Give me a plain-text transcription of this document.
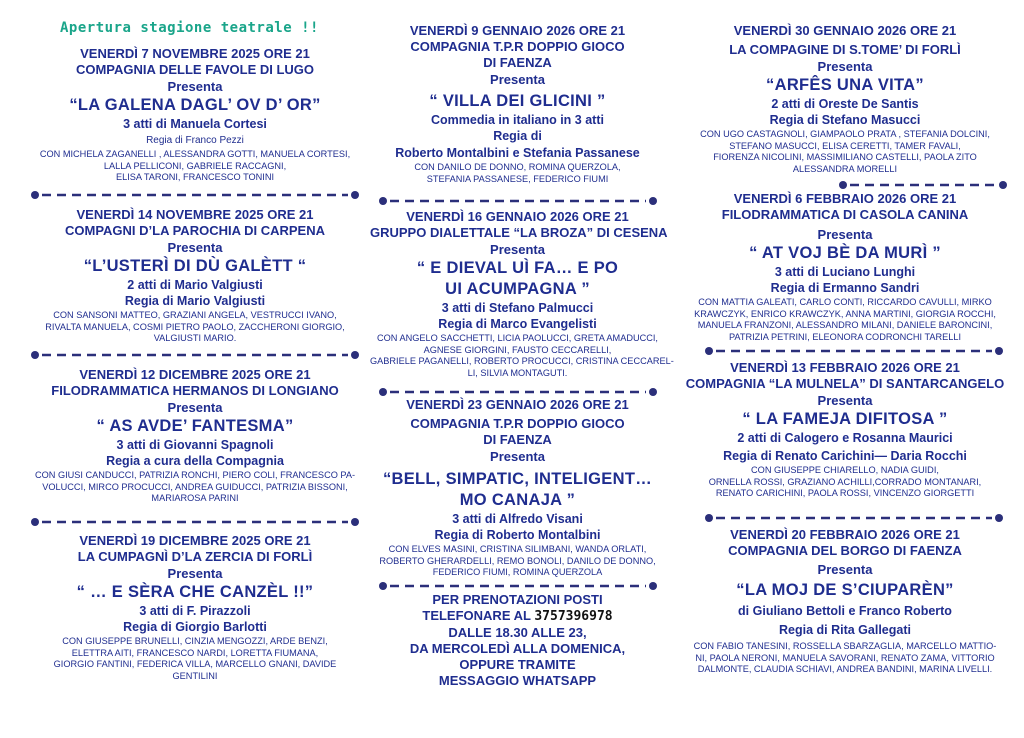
Apertura stagione teatrale !!
VENERDÌ 7 NOVEMBRE 2025 ORE 21
COMPAGNIA DELLE FAVOLE DI LUGO
Presenta
“LA GALENA DAGL’ OV D’ OR”
3 atti di Manuela Cortesi
Regia di Franco Pezzi
CON MICHELA ZAGANELLI , ALESSANDRA GOTTI, MANUELA CORTESI,
LALLA PELLICONI, GABRIELE RACCAGNI,
ELISA TARONI, FRANCESCO TONINI
VENERDÌ 14 NOVEMBRE 2025 ORE 21
COMPAGNI D’LA PAROCHIA DI CARPENA
Presenta
“L’USTERÌ DI DÙ GALÈTT “
2 atti di Mario Valgiusti
Regia di Mario Valgiusti
CON SANSONI MATTEO, GRAZIANI ANGELA, VESTRUCCI IVANO,
RIVALTA MANUELA, COSMI PIETRO PAOLO, ZACCHERONI GIORGIO,
VALGIUSTI MARIO.
VENERDÌ 12 DICEMBRE 2025 ORE 21
FILODRAMMATICA HERMANOS DI LONGIANO
Presenta
“ AS AVDE’ FANTESMA”
3 atti di Giovanni Spagnoli
Regia a cura della Compagnia
CON GIUSI CANDUCCI, PATRIZIA RONCHI, PIERO COLI, FRANCESCO PA-
VOLUCCI, MIRCO PROCUCCI, ANDREA GUIDUCCI, PATRIZIA BISSONI,
MARIAROSA PARINI
VENERDÌ 19 DICEMBRE 2025 ORE 21
LA CUMPAGNÌ D’LA ZERCIA DI FORLÌ
Presenta
“ … E SÈRA CHE CANZÈL !!”
3 atti di F. Pirazzoli
Regia di Giorgio Barlotti
CON GIUSEPPE BRUNELLI, CINZIA MENGOZZI, ARDE BENZI,
ELETTRA AITI, FRANCESCO NARDI, LORETTA FIUMANA,
GIORGIO FANTINI, FEDERICA VILLA, MARCELLO GNANI, DAVIDE
GENTILINI
VENERDÌ 9 GENNAIO 2026 ORE 21
COMPAGNIA T.P.R DOPPIO GIOCO
DI FAENZA
Presenta
“ VILLA DEI GLICINI ”
Commedia in italiano in 3 atti
Regia di
Roberto Montalbini e Stefania Passanese
CON DANILO DE DONNO, ROMINA QUERZOLA,
STEFANIA PASSANESE, FEDERICO FIUMI
VENERDÌ 16 GENNAIO 2026 ORE 21
GRUPPO DIALETTALE “LA BROZA” DI CESENA
Presenta
“ E DIEVAL UÌ FA… E PO
UI ACUMPAGNA ”
3 atti di Stefano Palmucci
Regia di Marco Evangelisti
CON ANGELO SACCHETTI, LICIA PAOLUCCI, GRETA AMADUCCI,
AGNESE GIORGINI, FAUSTO CECCARELLI,
GABRIELE PAGANELLI, ROBERTO PROCUCCI, CRISTINA CECCAREL-
LI, SILVIA MONTAGUTI.
VENERDÌ 23 GENNAIO 2026 ORE 21
COMPAGNIA T.P.R DOPPIO GIOCO
DI FAENZA
Presenta
“BELL, SIMPATIC, INTELIGENT…
MO CANAJA ”
3 atti di Alfredo Visani
Regia di Roberto Montalbini
CON ELVES MASINI, CRISTINA SILIMBANI, WANDA ORLATI,
ROBERTO GHERARDELLI, REMO BONOLI, DANILO DE DONNO,
FEDERICO FIUMI, ROMINA QUERZOLA
PER PRENOTAZIONI POSTI
TELEFONARE AL 3757396978
DALLE 18.30 ALLE 23,
DA MERCOLEDÌ ALLA DOMENICA,
OPPURE TRAMITE
MESSAGGIO WHATSAPP
VENERDÌ 30 GENNAIO 2026 ORE 21
LA COMPAGINE DI S.TOME’ DI FORLÌ
Presenta
“ARFÊS UNA VITA”
2 atti di Oreste De Santis
Regia di Stefano Masucci
CON UGO CASTAGNOLI, GIAMPAOLO PRATA , STEFANIA DOLCINI,
STEFANO MASUCCI, ELISA CERETTI, TAMER FAVALI,
FIORENZA NICOLINI, MASSIMILIANO CASTELLI, PAOLA ZITO
ALESSANDRA MORELLI
VENERDÌ 6 FEBBRAIO 2026 ORE 21
FILODRAMMATICA DI CASOLA CANINA
Presenta
“ AT VOJ BÈ DA MURÌ ”
3 atti di Luciano Lunghi
Regia di Ermanno Sandri
CON MATTIA GALEATI, CARLO CONTI, RICCARDO CAVULLI, MIRKO
KRAWCZYK, ENRICO KRAWCZYK, ANNA MARTINI, GIORGIA ROCCHI,
MANUELA FRANZONI, ALESSANDRO MILANI, DANIELE BARONCINI,
PATRIZIA PETRINI, ELEONORA CODRONCHI TARELLI
VENERDÌ 13 FEBBRAIO 2026 ORE 21
COMPAGNIA “LA MULNELA” DI SANTARCANGELO
Presenta
“ LA FAMEJA DIFITOSA ”
2 atti di Calogero e Rosanna Maurici
Regia di Renato Carichini— Daria Rocchi
CON GIUSEPPE CHIARELLO, NADIA GUIDI,
ORNELLA ROSSI, GRAZIANO ACHILLI,CORRADO MONTANARI,
RENATO CARICHINI, PAOLA ROSSI, VINCENZO GIORGETTI
VENERDÌ 20 FEBBRAIO 2026 ORE 21
COMPAGNIA DEL BORGO DI FAENZA
Presenta
“LA MOJ DE S’CIUPARÈN”
di Giuliano Bettoli e Franco Roberto
Regia di Rita Gallegati
CON FABIO TANESINI, ROSSELLA SBARZAGLIA, MARCELLO MATTIO-
NI, PAOLA NERONI, MANUELA SAVORANI, RENATO ZAMA, VITTORIO
DALMONTE, CLAUDIA SCHIAVI, ANDREA BANDINI, MARINA LIVELLI.
